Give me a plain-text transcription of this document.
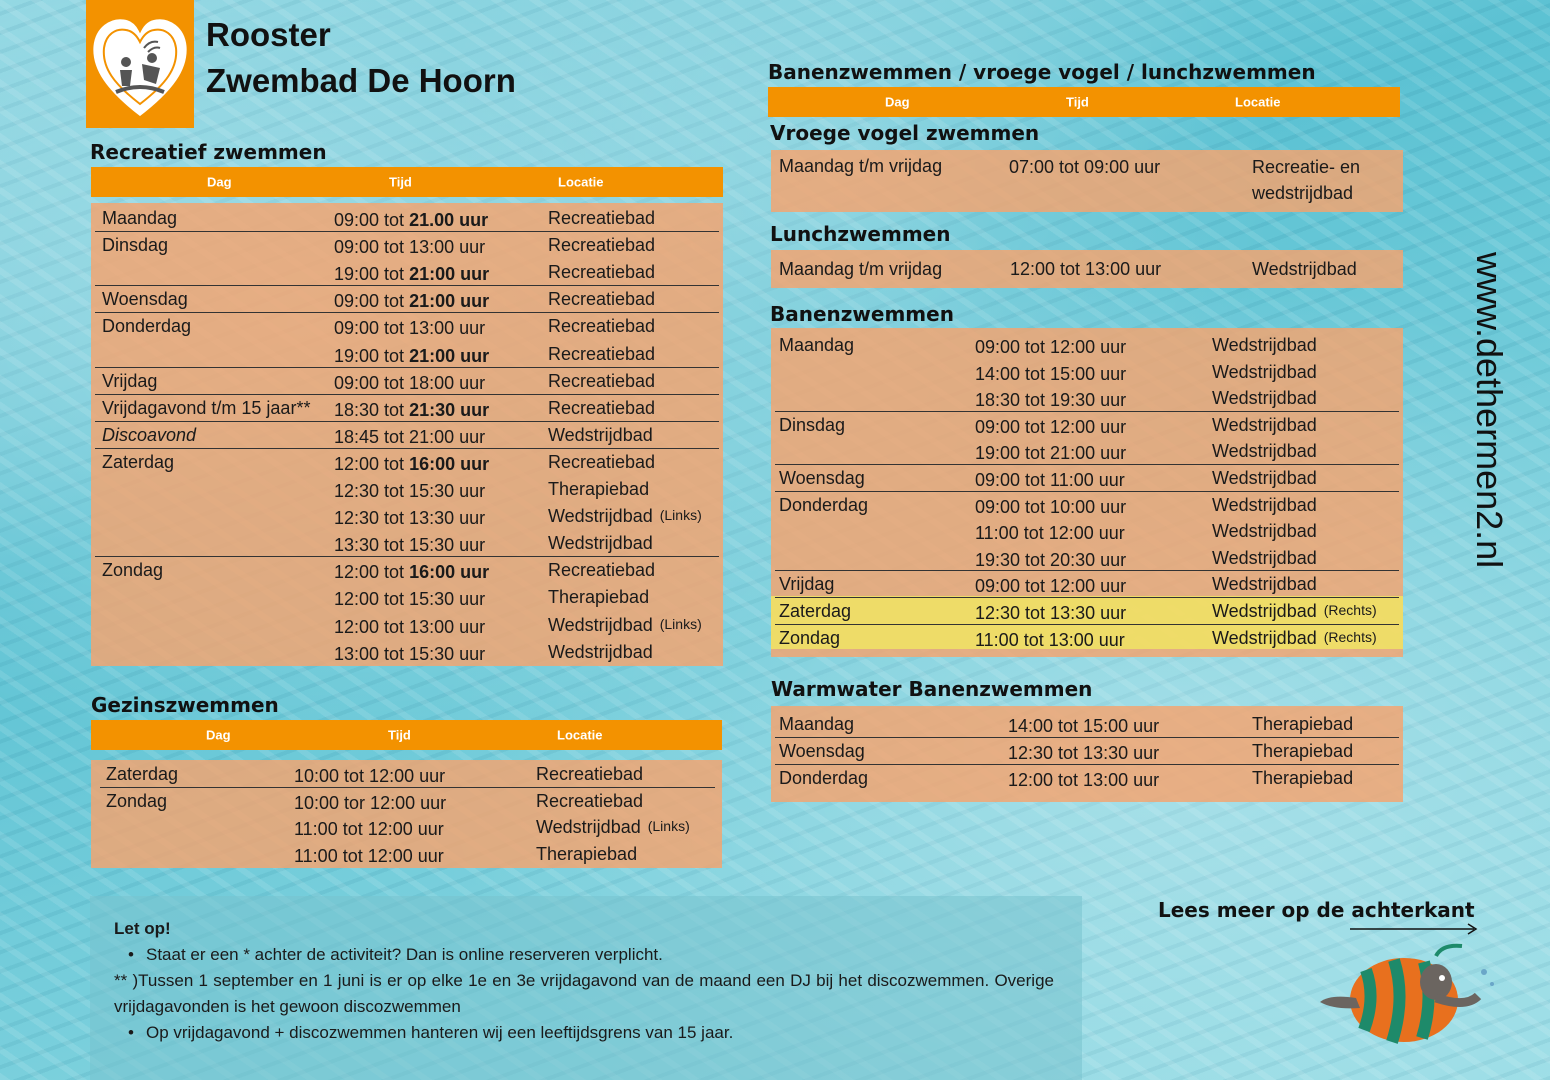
Rooster
Zwembad De Hoorn
Recreatief zwemmen
Dag	Tijd	Locatie
Maandag	09:00 tot 21.00 uur	Recreatiebad
Dinsdag	09:00 tot 13:00 uur	Recreatiebad
19:00 tot 21:00 uur	Recreatiebad
Woensdag	09:00 tot 21:00 uur	Recreatiebad
Donderdag	09:00 tot 13:00 uur	Recreatiebad
19:00 tot 21:00 uur	Recreatiebad
Vrijdag	09:00 tot 18:00 uur	Recreatiebad
Vrijdagavond t/m 15 jaar** 18:30 tot 21:30 uur	Recreatiebad
Discoavond	18:45 tot 21:00 uur	Wedstrijdbad
Zaterdag	12:00 tot 16:00 uur	Recreatiebad
12:30 tot 15:30 uur	Therapiebad
12:30 tot 13:30 uur	Wedstrijdbad (Links)
13:30 tot 15:30 uur	Wedstrijdbad
Zondag	12:00 tot 16:00 uur	Recreatiebad
12:00 tot 15:30 uur	Therapiebad
12:00 tot 13:00 uur	Wedstrijdbad (Links)
13:00 tot 15:30 uur	Wedstrijdbad
Gezinszwemmen
Dag	Tijd	Locatie
Zaterdag	10:00 tot 12:00 uur	Recreatiebad
Zondag	10:00 tor 12:00 uur	Recreatiebad
11:00 tot 12:00 uur	Wedstrijdbad (Links)
11:00 tot 12:00 uur	Therapiebad
Banenzwemmen / vroege vogel / lunchzwemmen
Dag	Tijd	Locatie
Vroege vogel zwemmen
Maandag t/m vrijdag	07:00 tot 09:00 uur	Recreatie- en
wedstrijdbad
Lunchzwemmen
Maandag t/m vrijdag	12:00 tot 13:00 uur	Wedstrijdbad
Banenzwemmen
Maandag	09:00 tot 12:00 uur	Wedstrijdbad
14:00 tot 15:00 uur	Wedstrijdbad
18:30 tot 19:30 uur	Wedstrijdbad
Dinsdag	09:00 tot 12:00 uur	Wedstrijdbad
19:00 tot 21:00 uur	Wedstrijdbad
Woensdag	09:00 tot 11:00 uur	Wedstrijdbad
Donderdag	09:00 tot 10:00 uur	Wedstrijdbad
11:00 tot 12:00 uur	Wedstrijdbad
19:30 tot 20:30 uur	Wedstrijdbad
Vrijdag	09:00 tot 12:00 uur	Wedstrijdbad
Zaterdag	12:30 tot 13:30 uur	Wedstrijdbad (Rechts)
Zondag	11:00 tot 13:00 uur	Wedstrijdbad (Rechts)
Warmwater Banenzwemmen
Maandag	14:00 tot 15:00 uur	Therapiebad
Woensdag	12:30 tot 13:30 uur	Therapiebad
Donderdag	12:00 tot 13:00 uur	Therapiebad
www.dethermen2.nl
Let op!
• Staat er een * achter de activiteit? Dan is online reserveren verplicht.
** )Tussen 1 september en 1 juni is er op elke 1e en 3e vrijdagavond van de maand een DJ bij het discozwemmen. Overige vrijdagavonden is het gewoon discozwemmen
• Op vrijdagavond + discozwemmen hanteren wij een leeftijdsgrens van 15 jaar.
Lees meer op de achterkant
